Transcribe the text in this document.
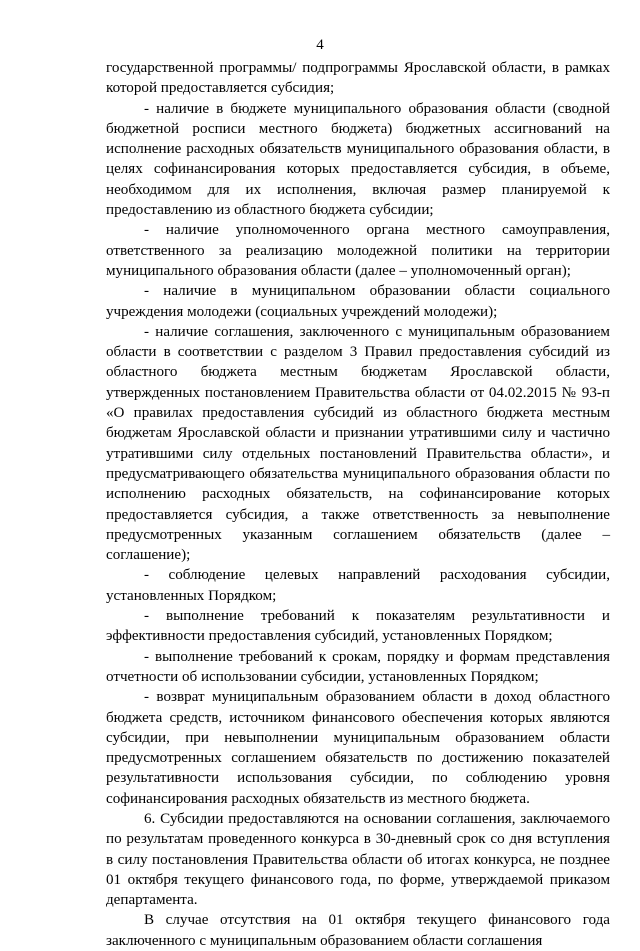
4

государственной программы/ подпрограммы Ярославской области, в рамках которой предоставляется субсидия;

- наличие в бюджете муниципального образования области (сводной бюджетной росписи местного бюджета) бюджетных ассигнований на исполнение расходных обязательств муниципального образования области, в целях софинансирования которых предоставляется субсидия, в объеме, необходимом для их исполнения, включая размер планируемой к предоставлению из областного бюджета субсидии;

- наличие уполномоченного органа местного самоуправления, ответственного за реализацию молодежной политики на территории муниципального образования области (далее – уполномоченный орган);

- наличие в муниципальном образовании области социального учреждения молодежи (социальных учреждений молодежи);

- наличие соглашения, заключенного с муниципальным образованием области в соответствии с разделом 3 Правил предоставления субсидий из областного бюджета местным бюджетам Ярославской области, утвержденных постановлением Правительства области от 04.02.2015 № 93-п «О правилах предоставления субсидий из областного бюджета местным бюджетам Ярославской области и признании утратившими силу и частично утратившими силу отдельных постановлений Правительства области», и предусматривающего обязательства муниципального образования области по исполнению расходных обязательств, на софинансирование которых предоставляется субсидия, а также ответственность за невыполнение предусмотренных указанным соглашением обязательств (далее – соглашение);

- соблюдение целевых направлений расходования субсидии, установленных Порядком;

- выполнение требований к показателям результативности и эффективности предоставления субсидий, установленных Порядком;

- выполнение требований к срокам, порядку и формам представления отчетности об использовании субсидии, установленных Порядком;

- возврат муниципальным образованием области в доход областного бюджета средств, источником финансового обеспечения которых являются субсидии, при невыполнении муниципальным образованием области предусмотренных соглашением обязательств по достижению показателей результативности использования субсидии, по соблюдению уровня софинансирования расходных обязательств из местного бюджета.

6. Субсидии предоставляются на основании соглашения, заключаемого по результатам проведенного конкурса в 30-дневный срок со дня вступления в силу постановления Правительства области об итогах конкурса, не позднее 01 октября текущего финансового года, по форме, утверждаемой приказом департамента.

В случае отсутствия на 01 октября текущего финансового года заключенного с муниципальным образованием области соглашения
